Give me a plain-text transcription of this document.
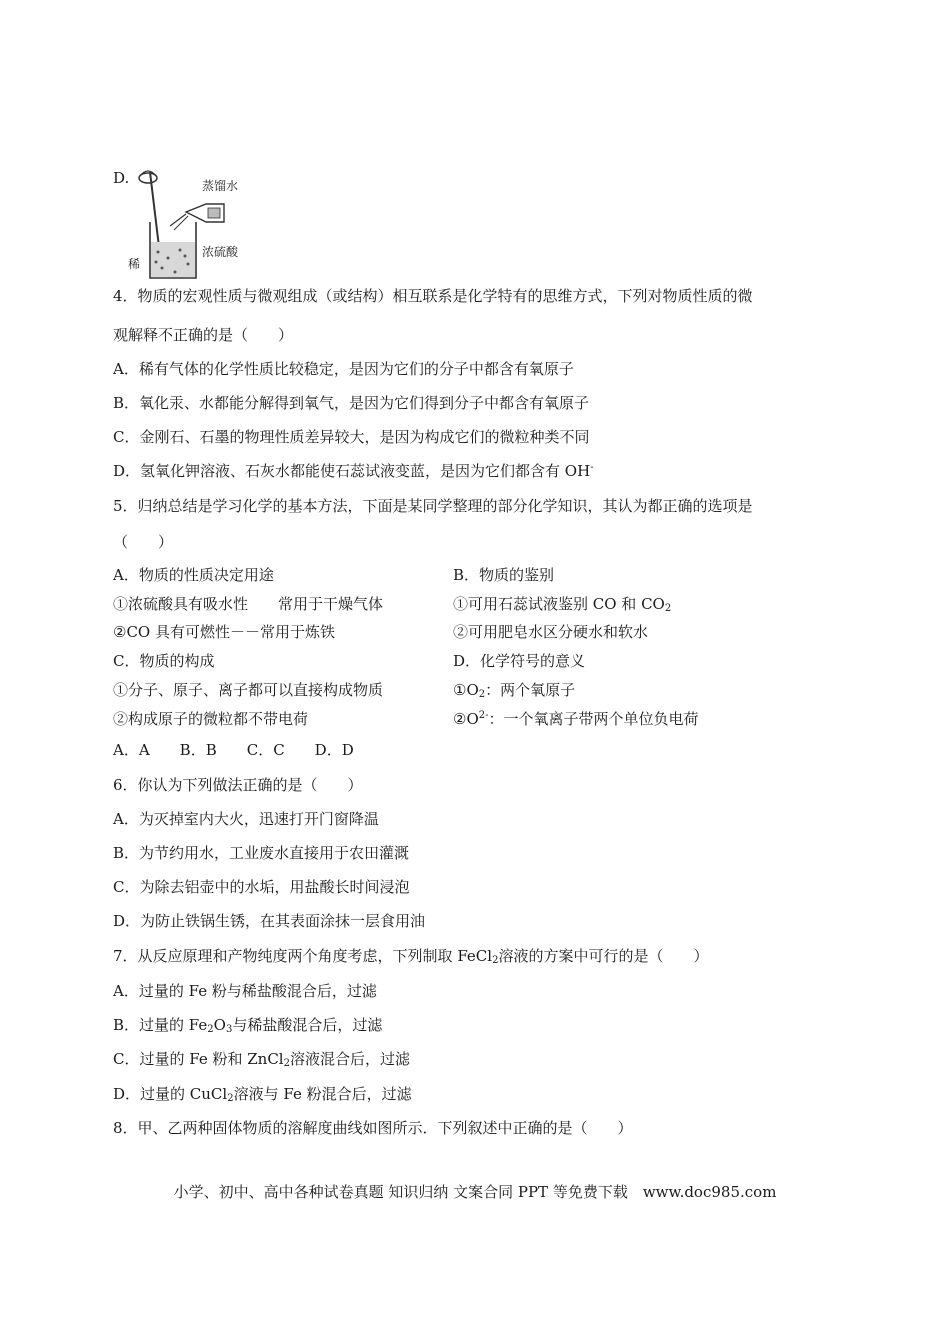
D.	蒸馏水
浓硫酸
稀
4．物质的宏观性质与微观组成（或结构）相互联系是化学特有的思维方式，下列对物质性质的微
观解释不正确的是（　　）
A．稀有气体的化学性质比较稳定，是因为它们的分子中都含有氧原子
B．氧化汞、水都能分解得到氧气，是因为它们得到分子中都含有氧原子
C．金刚石、石墨的物理性质差异较大，是因为构成它们的微粒种类不同
D．氢氧化钾溶液、石灰水都能使石蕊试液变蓝，是因为它们都含有 OH-
5．归纳总结是学习化学的基本方法，下面是某同学整理的部分化学知识，其认为都正确的选项是
（　　）
A．物质的性质决定用途	B．物质的鉴别
①浓硫酸具有吸水性　　常用于干燥气体	①可用石蕊试液鉴别 CO 和 $CO_2$
②CO 具有可燃性－－常用于炼铁	②可用肥皂水区分硬水和软水
C．物质的构成	D．化学符号的意义
①分子、原子、离子都可以直接构成物质	$①O_2$：两个氧原子
②构成原子的微粒都不带电荷	$②O^{2-}$：一个氧离子带两个单位负电荷
A．A　　B．B　　C．C　　D．D
6．你认为下列做法正确的是（　　）
A．为灭掉室内大火，迅速打开门窗降温
B．为节约用水，工业废水直接用于农田灌溉
C．为除去铝壶中的水垢，用盐酸长时间浸泡
D．为防止铁锅生锈，在其表面涂抹一层食用油
7．从反应原理和产物纯度两个角度考虑，下列制取 FeCl$_2$溶液的方案中可行的是（　　）
A．过量的 Fe 粉与稀盐酸混合后，过滤
B．过量的 $Fe_2O_3$与稀盐酸混合后，过滤
C．过量的 Fe 粉和 ZnCl$_2$溶液混合后，过滤
D．过量的 CuCl$_2$溶液与 Fe 粉混合后，过滤
8．甲、乙两种固体物质的溶解度曲线如图所示．下列叙述中正确的是（　　）
小学、初中、高中各种试卷真题 知识归纳 文案合同 PPT 等免费下载　www.doc985.com
